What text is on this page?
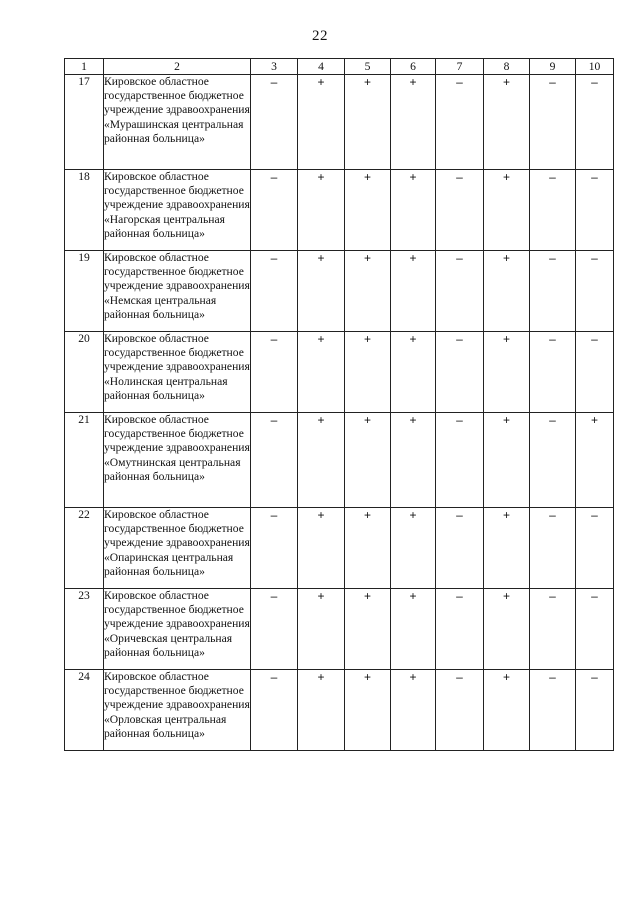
22
1	2	3	4	5	6	7	8	9	10
17	Кировское областное государственное бюджетное учреждение здравоохранения «Мурашинская центральная районная больница»	–	+	+	+	–	+	–	–
18	Кировское областное государственное бюджетное учреждение здравоохранения «Нагорская центральная районная больница»	–	+	+	+	–	+	–	–
19	Кировское областное государственное бюджетное учреждение здравоохранения «Немская центральная районная больница»	–	+	+	+	–	+	–	–
20	Кировское областное государственное бюджетное учреждение здравоохранения «Нолинская центральная районная больница»	–	+	+	+	–	+	–	–
21	Кировское областное государственное бюджетное учреждение здравоохранения «Омутнинская центральная районная больница»	–	+	+	+	–	+	–	+
22	Кировское областное государственное бюджетное учреждение здравоохранения «Опаринская центральная районная больница»	–	+	+	+	–	+	–	–
23	Кировское областное государственное бюджетное учреждение здравоохранения «Оричевская центральная районная больница»	–	+	+	+	–	+	–	–
24	Кировское областное государственное бюджетное учреждение здравоохранения «Орловская центральная районная больница»	–	+	+	+	–	+	–	–
